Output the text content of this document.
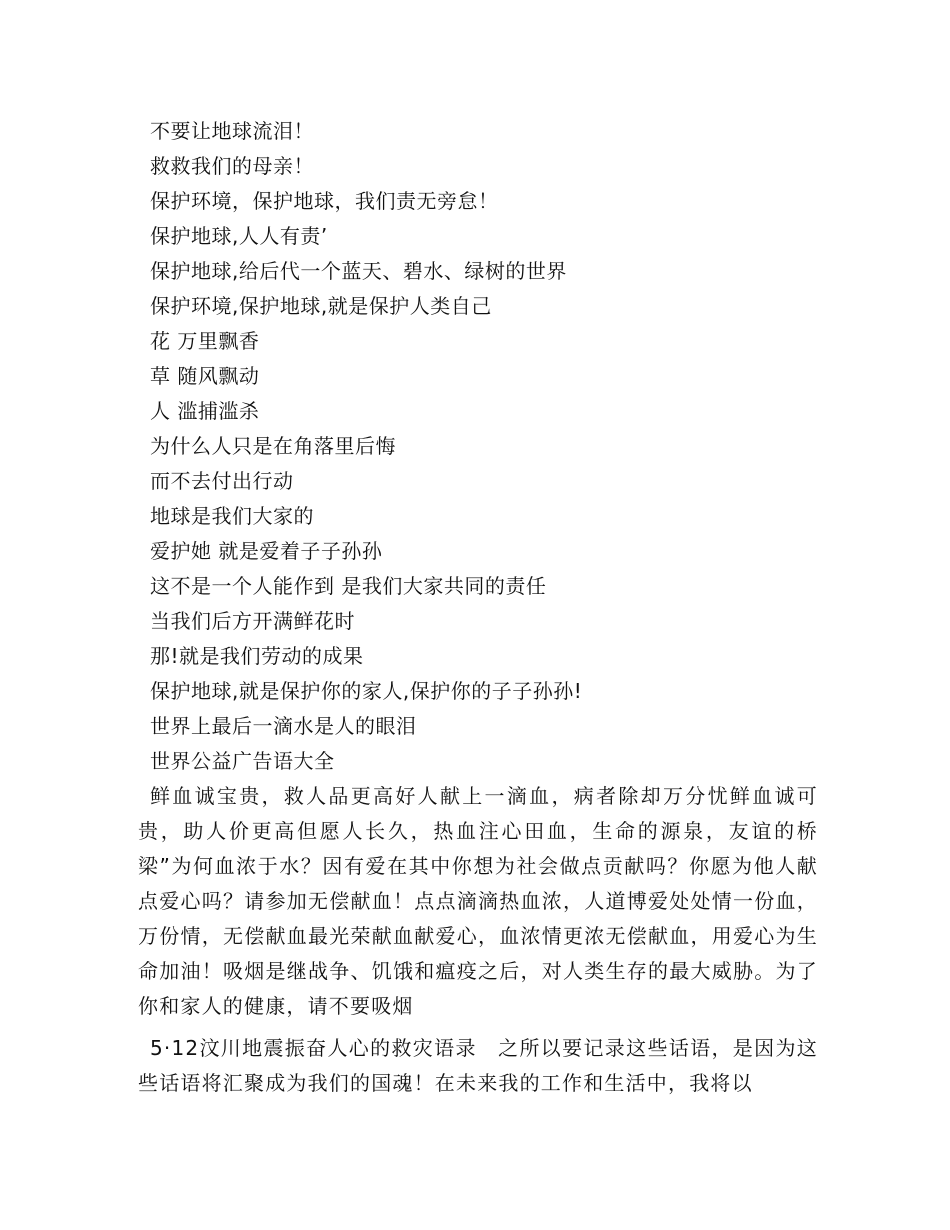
不要让地球流泪！
救救我们的母亲！
保护环境，保护地球，我们责无旁怠！
保护地球,人人有责’
保护地球,给后代一个蓝天、碧水、绿树的世界
保护环境,保护地球,就是保护人类自己
花 万里飘香
草 随风飘动
人 滥捕滥杀
为什么人只是在角落里后悔
而不去付出行动
地球是我们大家的
爱护她 就是爱着子子孙孙
这不是一个人能作到 是我们大家共同的责任
当我们后方开满鲜花时
那!就是我们劳动的成果
保护地球,就是保护你的家人,保护你的子子孙孙!
世界上最后一滴水是人的眼泪
世界公益广告语大全
鲜血诚宝贵，救人品更高好人献上一滴血，病者除却万分忧鲜血诚可贵，助人价更高但愿人长久，热血注心田血，生命的源泉，友谊的桥梁”为何血浓于水？因有爱在其中你想为社会做点贡献吗？你愿为他人献点爱心吗？请参加无偿献血！点点滴滴热血浓，人道博爱处处情一份血，万份情，无偿献血最光荣献血献爱心，血浓情更浓无偿献血，用爱心为生命加油！吸烟是继战争、饥饿和瘟疫之后，对人类生存的最大威胁。为了你和家人的健康，请不要吸烟
5·12汶川地震振奋人心的救灾语录　之所以要记录这些话语，是因为这些话语将汇聚成为我们的国魂！在未来我的工作和生活中，我将以
